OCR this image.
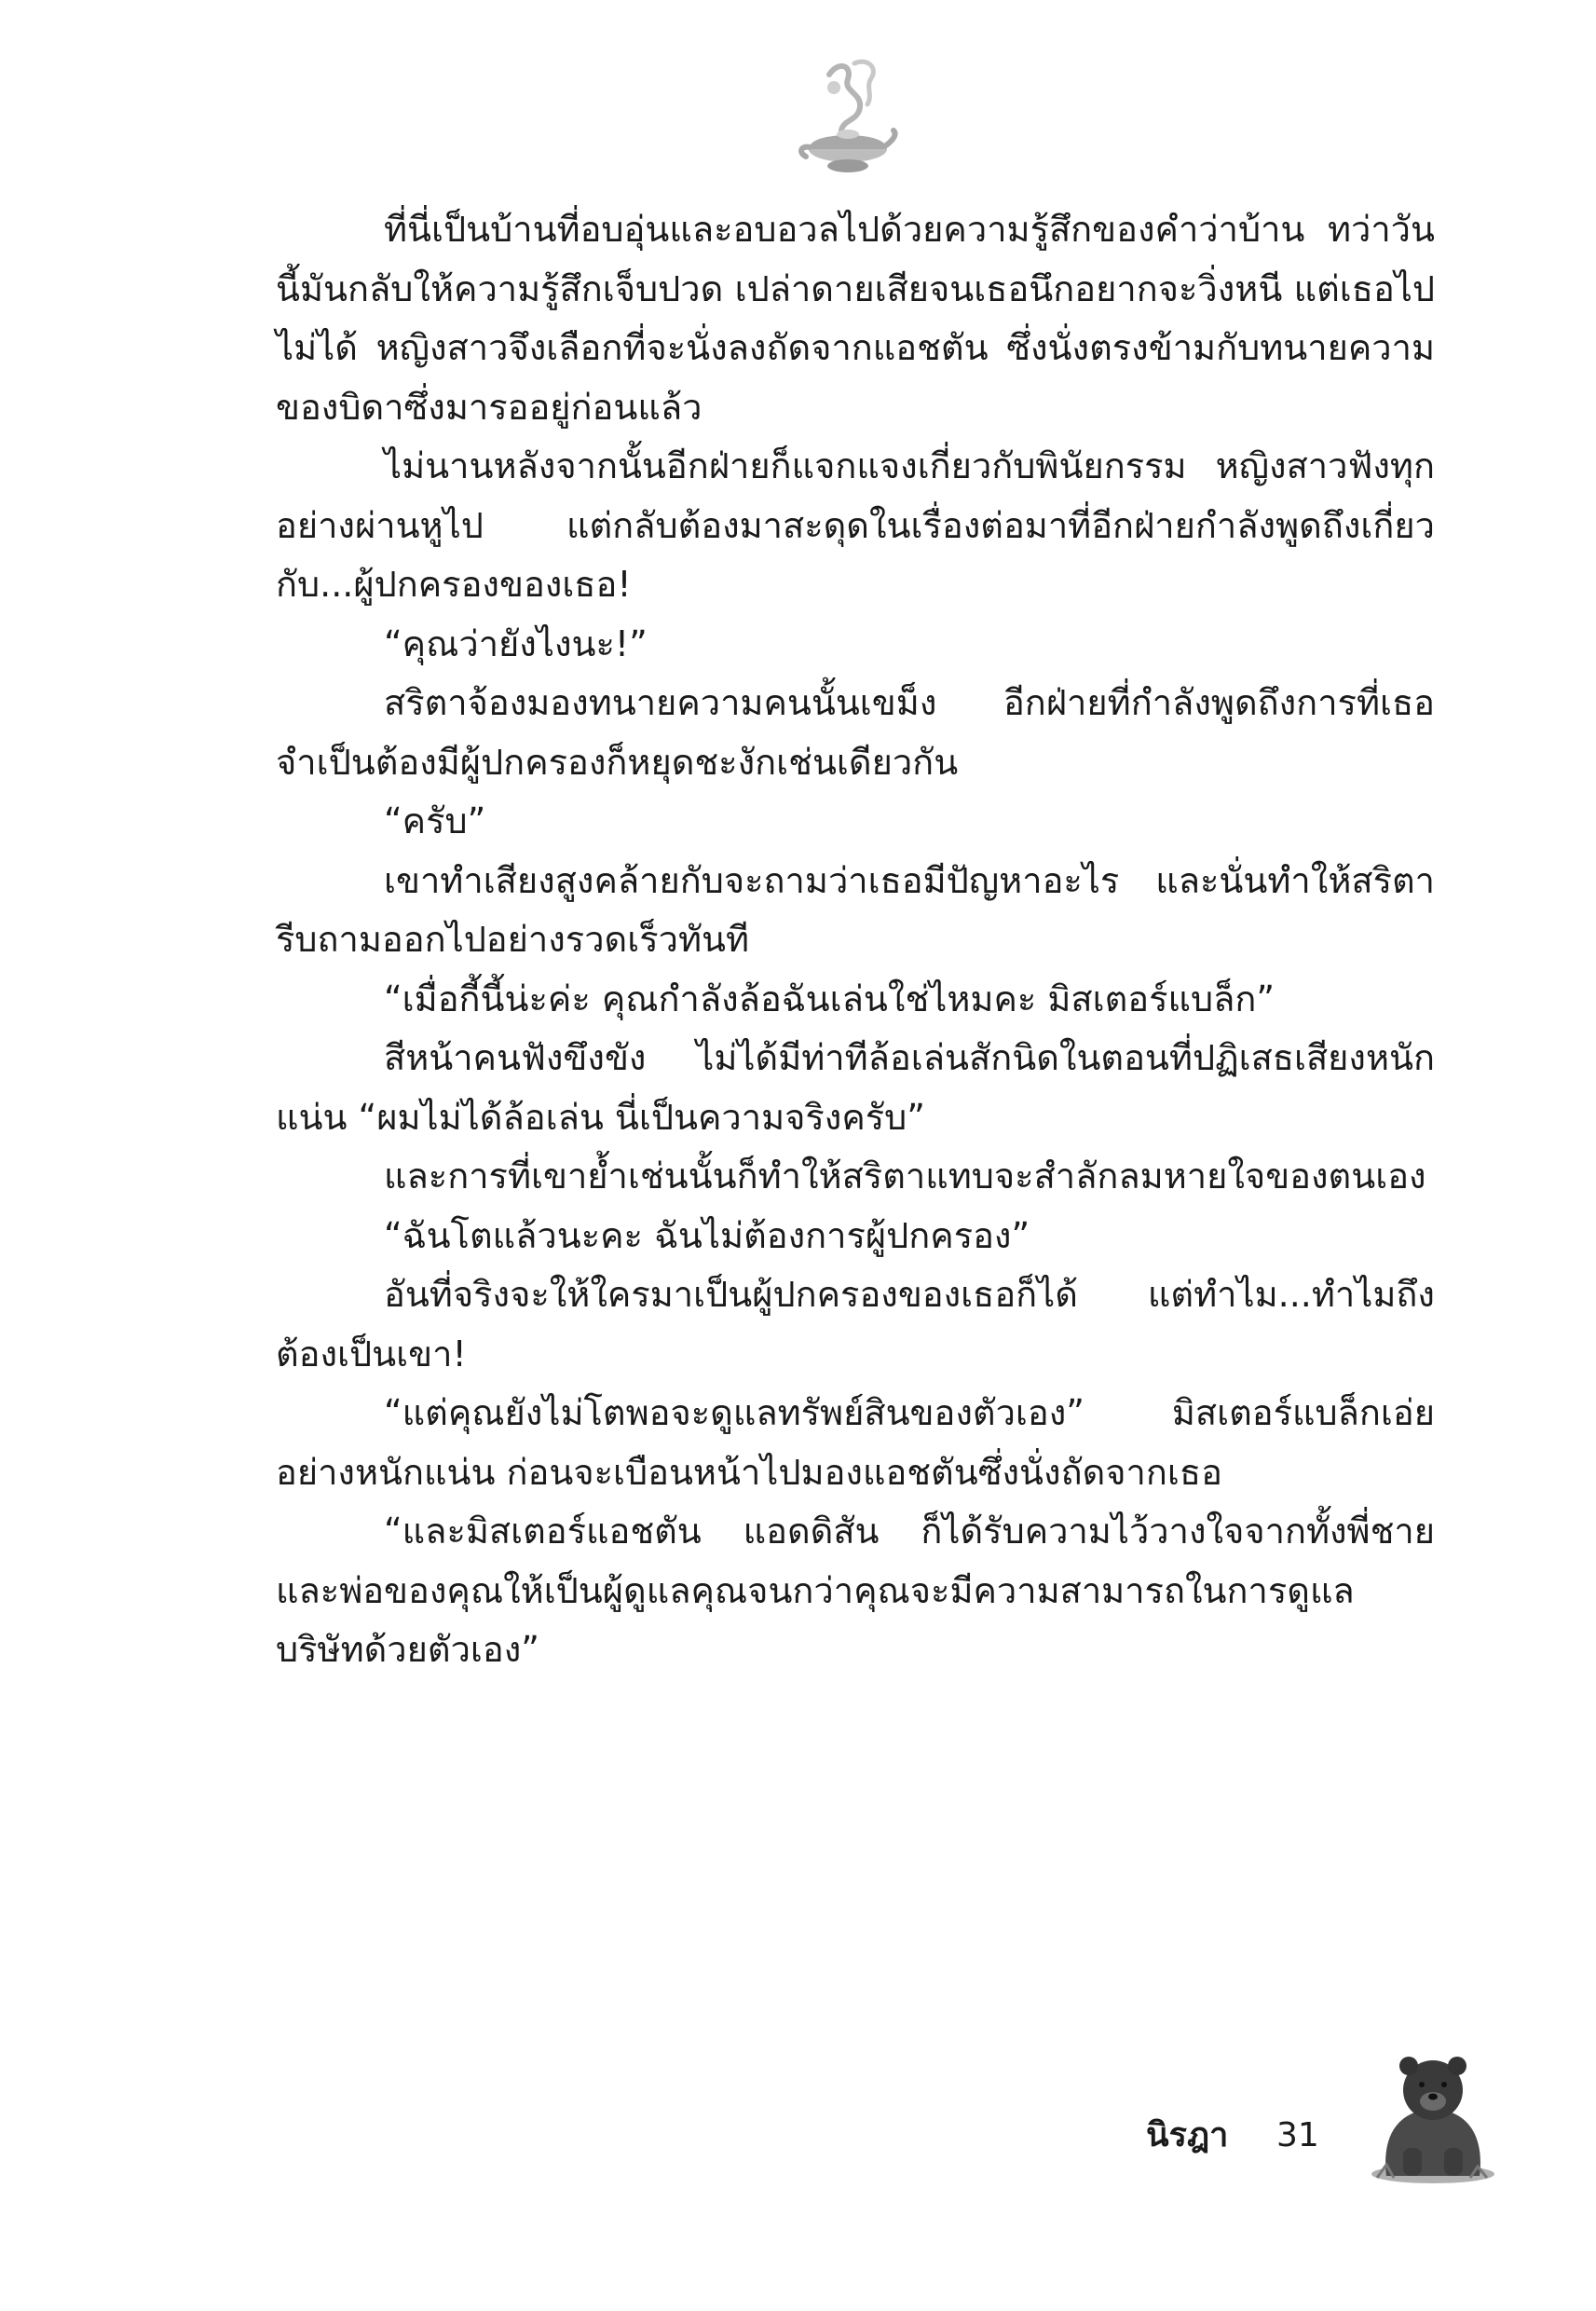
ที่นี่เป็นบ้านที่อบอุ่นและอบอวลไปด้วยความรู้สึกของคำว่าบ้าน ทว่าวันนี้มันกลับให้ความรู้สึกเจ็บปวด เปล่าดายเสียจนเธอนึกอยากจะวิ่งหนี แต่เธอไปไม่ได้ หญิงสาวจึงเลือกที่จะนั่งลงถัดจากแอชตัน ซึ่งนั่งตรงข้ามกับทนายความของบิดาซึ่งมารออยู่ก่อนแล้ว

ไม่นานหลังจากนั้นอีกฝ่ายก็แจกแจงเกี่ยวกับพินัยกรรม หญิงสาวฟังทุกอย่างผ่านหูไป แต่กลับต้องมาสะดุดในเรื่องต่อมาที่อีกฝ่ายกำลังพูดถึงเกี่ยวกับ...ผู้ปกครองของเธอ!

“คุณว่ายังไงนะ!”

สริตาจ้องมองทนายความคนนั้นเขม็ง อีกฝ่ายที่กำลังพูดถึงการที่เธอจำเป็นต้องมีผู้ปกครองก็หยุดชะงักเช่นเดียวกัน

“ครับ”

เขาทำเสียงสูงคล้ายกับจะถามว่าเธอมีปัญหาอะไร และนั่นทำให้สริตารีบถามออกไปอย่างรวดเร็วทันที

“เมื่อกี้นี้น่ะค่ะ คุณกำลังล้อฉันเล่นใช่ไหมคะ มิสเตอร์แบล็ก”

สีหน้าคนฟังขึงขัง ไม่ได้มีท่าทีล้อเล่นสักนิดในตอนที่ปฏิเสธเสียงหนักแน่น “ผมไม่ได้ล้อเล่น นี่เป็นความจริงครับ”

และการที่เขาย้ำเช่นนั้นก็ทำให้สริตาแทบจะสำลักลมหายใจของตนเอง

“ฉันโตแล้วนะคะ ฉันไม่ต้องการผู้ปกครอง”

อันที่จริงจะให้ใครมาเป็นผู้ปกครองของเธอก็ได้ แต่ทำไม...ทำไมถึงต้องเป็นเขา!

“แต่คุณยังไม่โตพอจะดูแลทรัพย์สินของตัวเอง” มิสเตอร์แบล็กเอ่ยอย่างหนักแน่น ก่อนจะเบือนหน้าไปมองแอชตันซึ่งนั่งถัดจากเธอ

“และมิสเตอร์แอชตัน แอดดิสัน ก็ได้รับความไว้วางใจจากทั้งพี่ชายและพ่อของคุณให้เป็นผู้ดูแลคุณจนกว่าคุณจะมีความสามารถในการดูแลบริษัทด้วยตัวเอง”

นิรฎา 31
